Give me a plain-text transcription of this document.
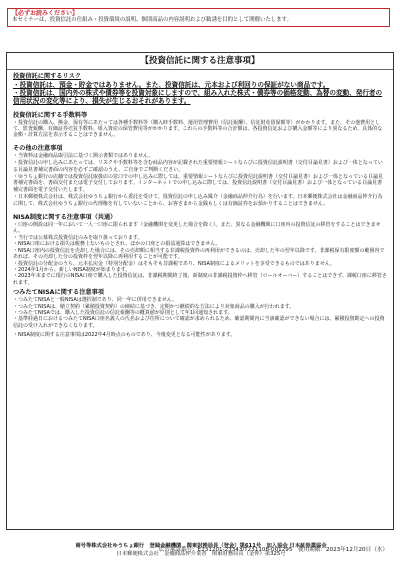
【必ずお読みください】
本セミナーは、投資信託の仕組み・投資環境の説明、個別商品の内容説明および勧誘を目的として開催いたします。
【投資信託に関する注意事項】
投資信託に関するリスク

・投資信託は、預金・貯金ではありません。また、投資信託は、元本および利回りの保証がない商品です。

・投資信託は、国内外の株式や債券等を投資対象にしますので、組み入れた株式・債券等の価格変動、為替の変動、発行者の信用状況の変化等により、損失が生じるおそれがあります。

投資信託に関する手数料等

・投資信託の購入、換金、保有等にあたっては各種手数料等（購入時手数料、運用管理費用（信託報酬）、信託財産留保額等）がかかります。また、その他費用として、監査報酬、有価証券売買手数料、組入資産の保管費用等がかかります。これらの手数料等の合計額は、各投資信託および購入金額等により異なるため、具体的な金額・計算方法を表示することはできません。

その他の注意事項

・当資料は金融商品取引法に基づく開示書類ではありません。

・投資信託の申し込みにあたっては、リスクや手数料等を含む商品内容が記載された重要情報シートならびに投資信託説明書（交付目論見書）および一体となっている目論見書補完書面の内容を必ずご確認のうえ、ご自身でご判断ください。

・ゆうちょ銀行の店舗では投資信託取扱店の窓口での申し込みに際しては、重要情報シートならびに投資信託説明書（交付目論見書）および一体となっている目論見書補完書面を、書面交付または電子交付しております。インターネットでの申し込みに際しては、投資信託説明書（交付目論見書）および一体となっている目論見書補完書面を電子交付いたします。

・日本郵便株式会社は、株式会社ゆうちょ銀行から委託を受けて、投資信託の申し込み媒介（金融商品仲介行為）を行います。日本郵便株式会社は金融商品仲介行為に関して、株式会社ゆうちょ銀行の代理権を有していないことから、お客さまから金銭もしくは有価証券をお預かりすることはできません。

NISA制度に関する注意事項（共通）

・口座の開設は同一年において一人一口座に限られます（金融機関を変更した場合を除く）。また、異なる金融機関に口座内の投資信託の移管をすることはできません。

・当行では公募株式投資信託のみを取り扱っております。

・NISA口座における損失は税務上ないものとされ、ほかの口座との損益通算はできません。

・NISA口座内の投資信託を売却した場合には、その売却額に相当する非課税投資枠の再利用ができるのは、売却した年の翌年以降です。非課税保有限度額の範囲内であれば、その売却した分の投資枠を翌年以降に再利用することが可能です。

・投資信託の分配金のうち、元本払戻金（特別分配金）はそもそも非課税であり、NISA制度によるメリットを享受できるものではありません。

・2024年1月から、新しいNISA制度が始まります。

・2023年末までに現行のNISA口座で購入した投資信託は、非課税期間終了後、新制度の非課税投資枠へ移管（ロールオーバー）することはできず、課税口座に移管されます。

つみたてNISAに関する注意事項

・つみたてNISAと一般NISAは選択制であり、同一年に併用できません。

・つみたてNISAは、積立契約（累積投資契約）の締結に基づき、定期かつ継続的な方法により対象商品の購入が行われます。

・つみたてNISAでは、購入した投資信託の信託報酬等の概算値が原則として年1回通知されます。

・基準経過日におけるつみたてNISA口座名義人の氏名および住所について確認が求められるため、確認期間内に当該確認ができない場合には、累積投資勘定への投資信託の受け入れができなくなります。

・NISA制度に関する注意事項は2022年4月時点のものであり、今後変更となる可能性があります。

商号等株式会社ゆうちょ銀行　登録金融機関　関東財務局長（登金）第611号　加入協会 日本証券業協会
日本郵便株式会社　金融商品仲介業者　関東財務局長（金仲）第325号
広告承認番号：E231201-23343/T231108-001295　使用期限：2023年12月20日（水）
